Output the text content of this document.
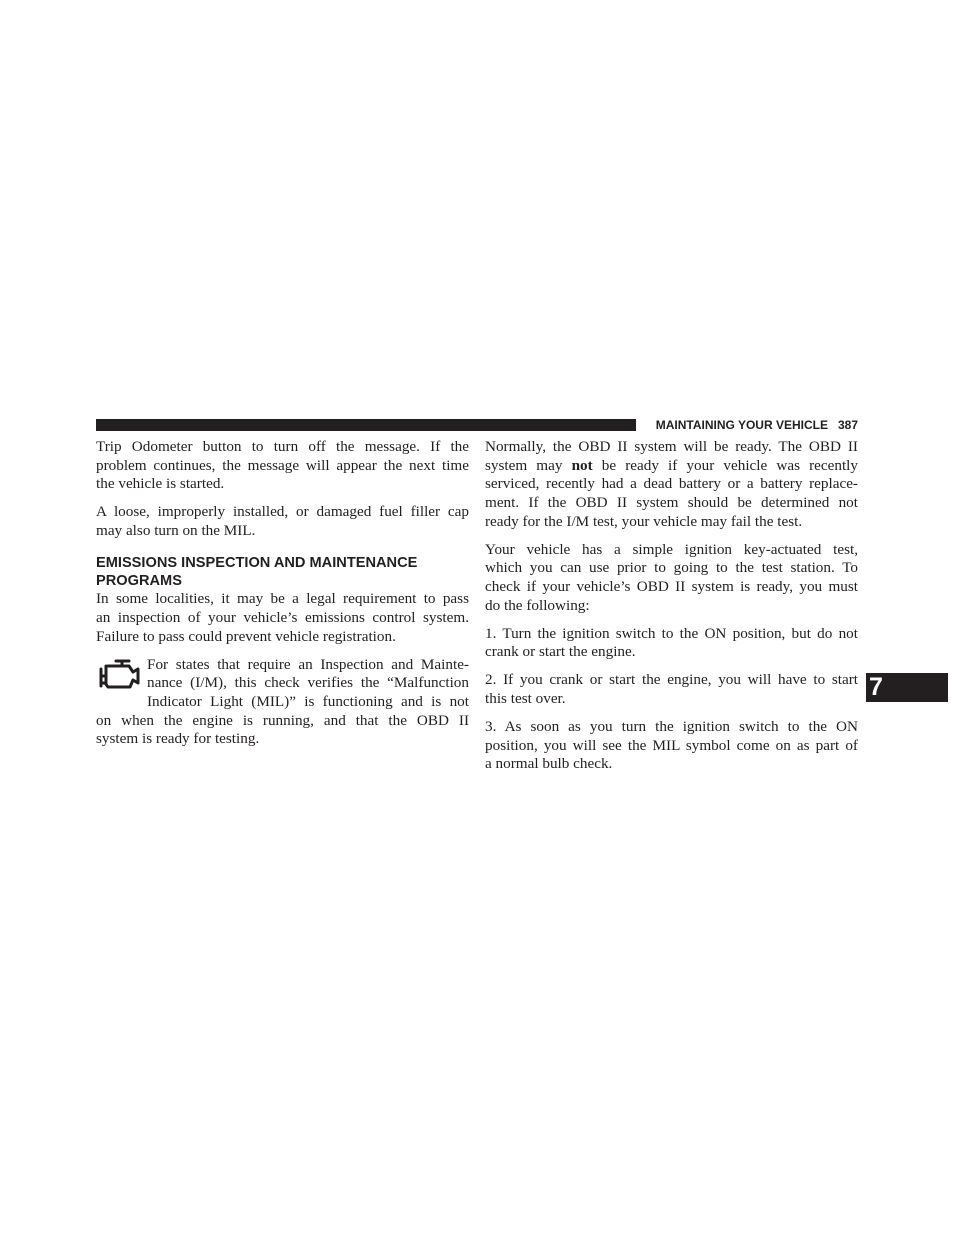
MAINTAINING YOUR VEHICLE 387
7

Trip Odometer button to turn off the message. If the
problem continues, the message will appear the next time
the vehicle is started.

A loose, improperly installed, or damaged fuel filler cap
may also turn on the MIL.

EMISSIONS INSPECTION AND MAINTENANCE
PROGRAMS

In some localities, it may be a legal requirement to pass
an inspection of your vehicle’s emissions control system.
Failure to pass could prevent vehicle registration.

For states that require an Inspection and Mainte-
nance (I/M), this check verifies the “Malfunction
Indicator Light (MIL)” is functioning and is not
on when the engine is running, and that the OBD II
system is ready for testing.

Normally, the OBD II system will be ready. The OBD II
system may not be ready if your vehicle was recently
serviced, recently had a dead battery or a battery replace-
ment. If the OBD II system should be determined not
ready for the I/M test, your vehicle may fail the test.

Your vehicle has a simple ignition key-actuated test,
which you can use prior to going to the test station. To
check if your vehicle’s OBD II system is ready, you must
do the following:

1. Turn the ignition switch to the ON position, but do not
crank or start the engine.

2. If you crank or start the engine, you will have to start
this test over.

3. As soon as you turn the ignition switch to the ON
position, you will see the MIL symbol come on as part of
a normal bulb check.
